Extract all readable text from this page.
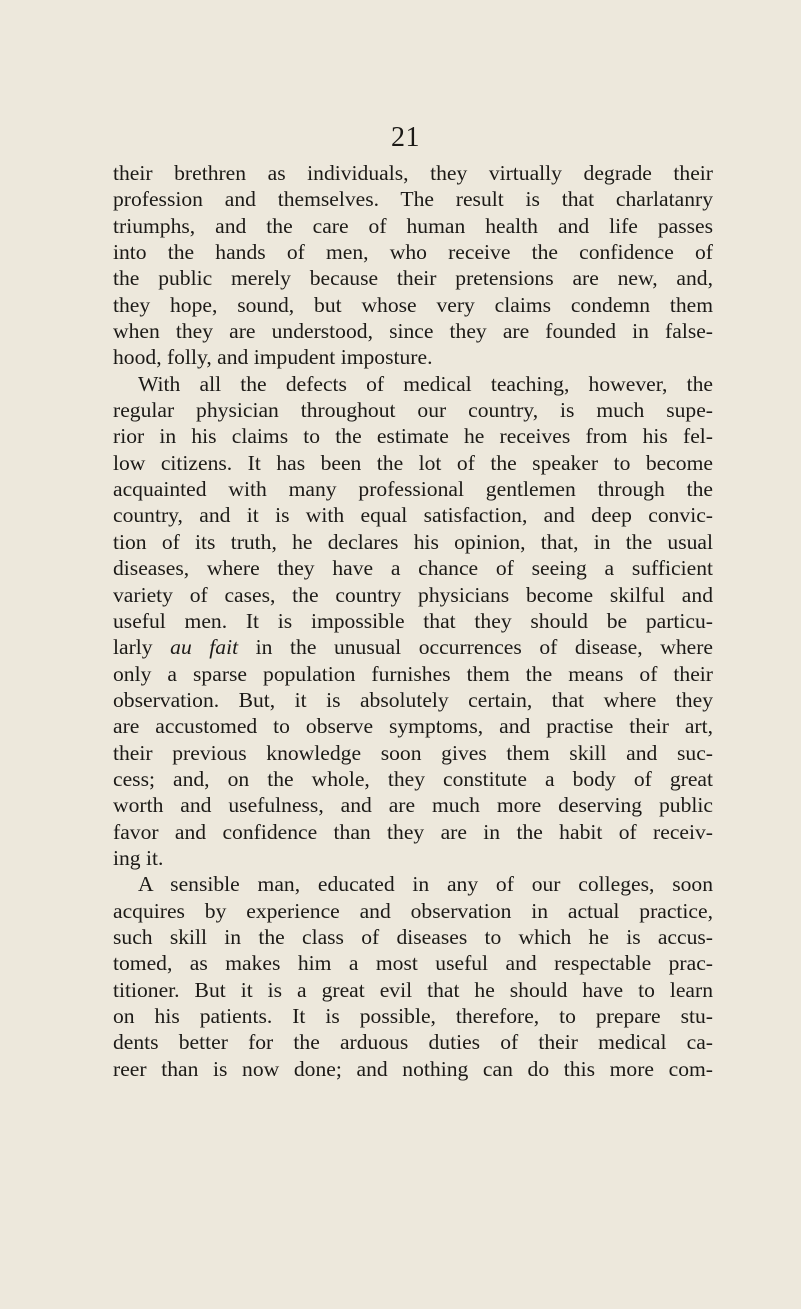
21
their brethren as individuals, they virtually degrade their
profession and themselves. The result is that charlatanry
triumphs, and the care of human health and life passes
into the hands of men, who receive the confidence of
the public merely because their pretensions are new, and,
they hope, sound, but whose very claims condemn them
when they are understood, since they are founded in false-
hood, folly, and impudent imposture.
With all the defects of medical teaching, however, the
regular physician throughout our country, is much supe-
rior in his claims to the estimate he receives from his fel-
low citizens. It has been the lot of the speaker to become
acquainted with many professional gentlemen through the
country, and it is with equal satisfaction, and deep convic-
tion of its truth, he declares his opinion, that, in the usual
diseases, where they have a chance of seeing a sufficient
variety of cases, the country physicians become skilful and
useful men. It is impossible that they should be particu-
larly au fait in the unusual occurrences of disease, where
only a sparse population furnishes them the means of their
observation. But, it is absolutely certain, that where they
are accustomed to observe symptoms, and practise their art,
their previous knowledge soon gives them skill and suc-
cess; and, on the whole, they constitute a body of great
worth and usefulness, and are much more deserving public
favor and confidence than they are in the habit of receiv-
ing it.
A sensible man, educated in any of our colleges, soon
acquires by experience and observation in actual practice,
such skill in the class of diseases to which he is accus-
tomed, as makes him a most useful and respectable prac-
titioner. But it is a great evil that he should have to learn
on his patients. It is possible, therefore, to prepare stu-
dents better for the arduous duties of their medical ca-
reer than is now done; and nothing can do this more com-
